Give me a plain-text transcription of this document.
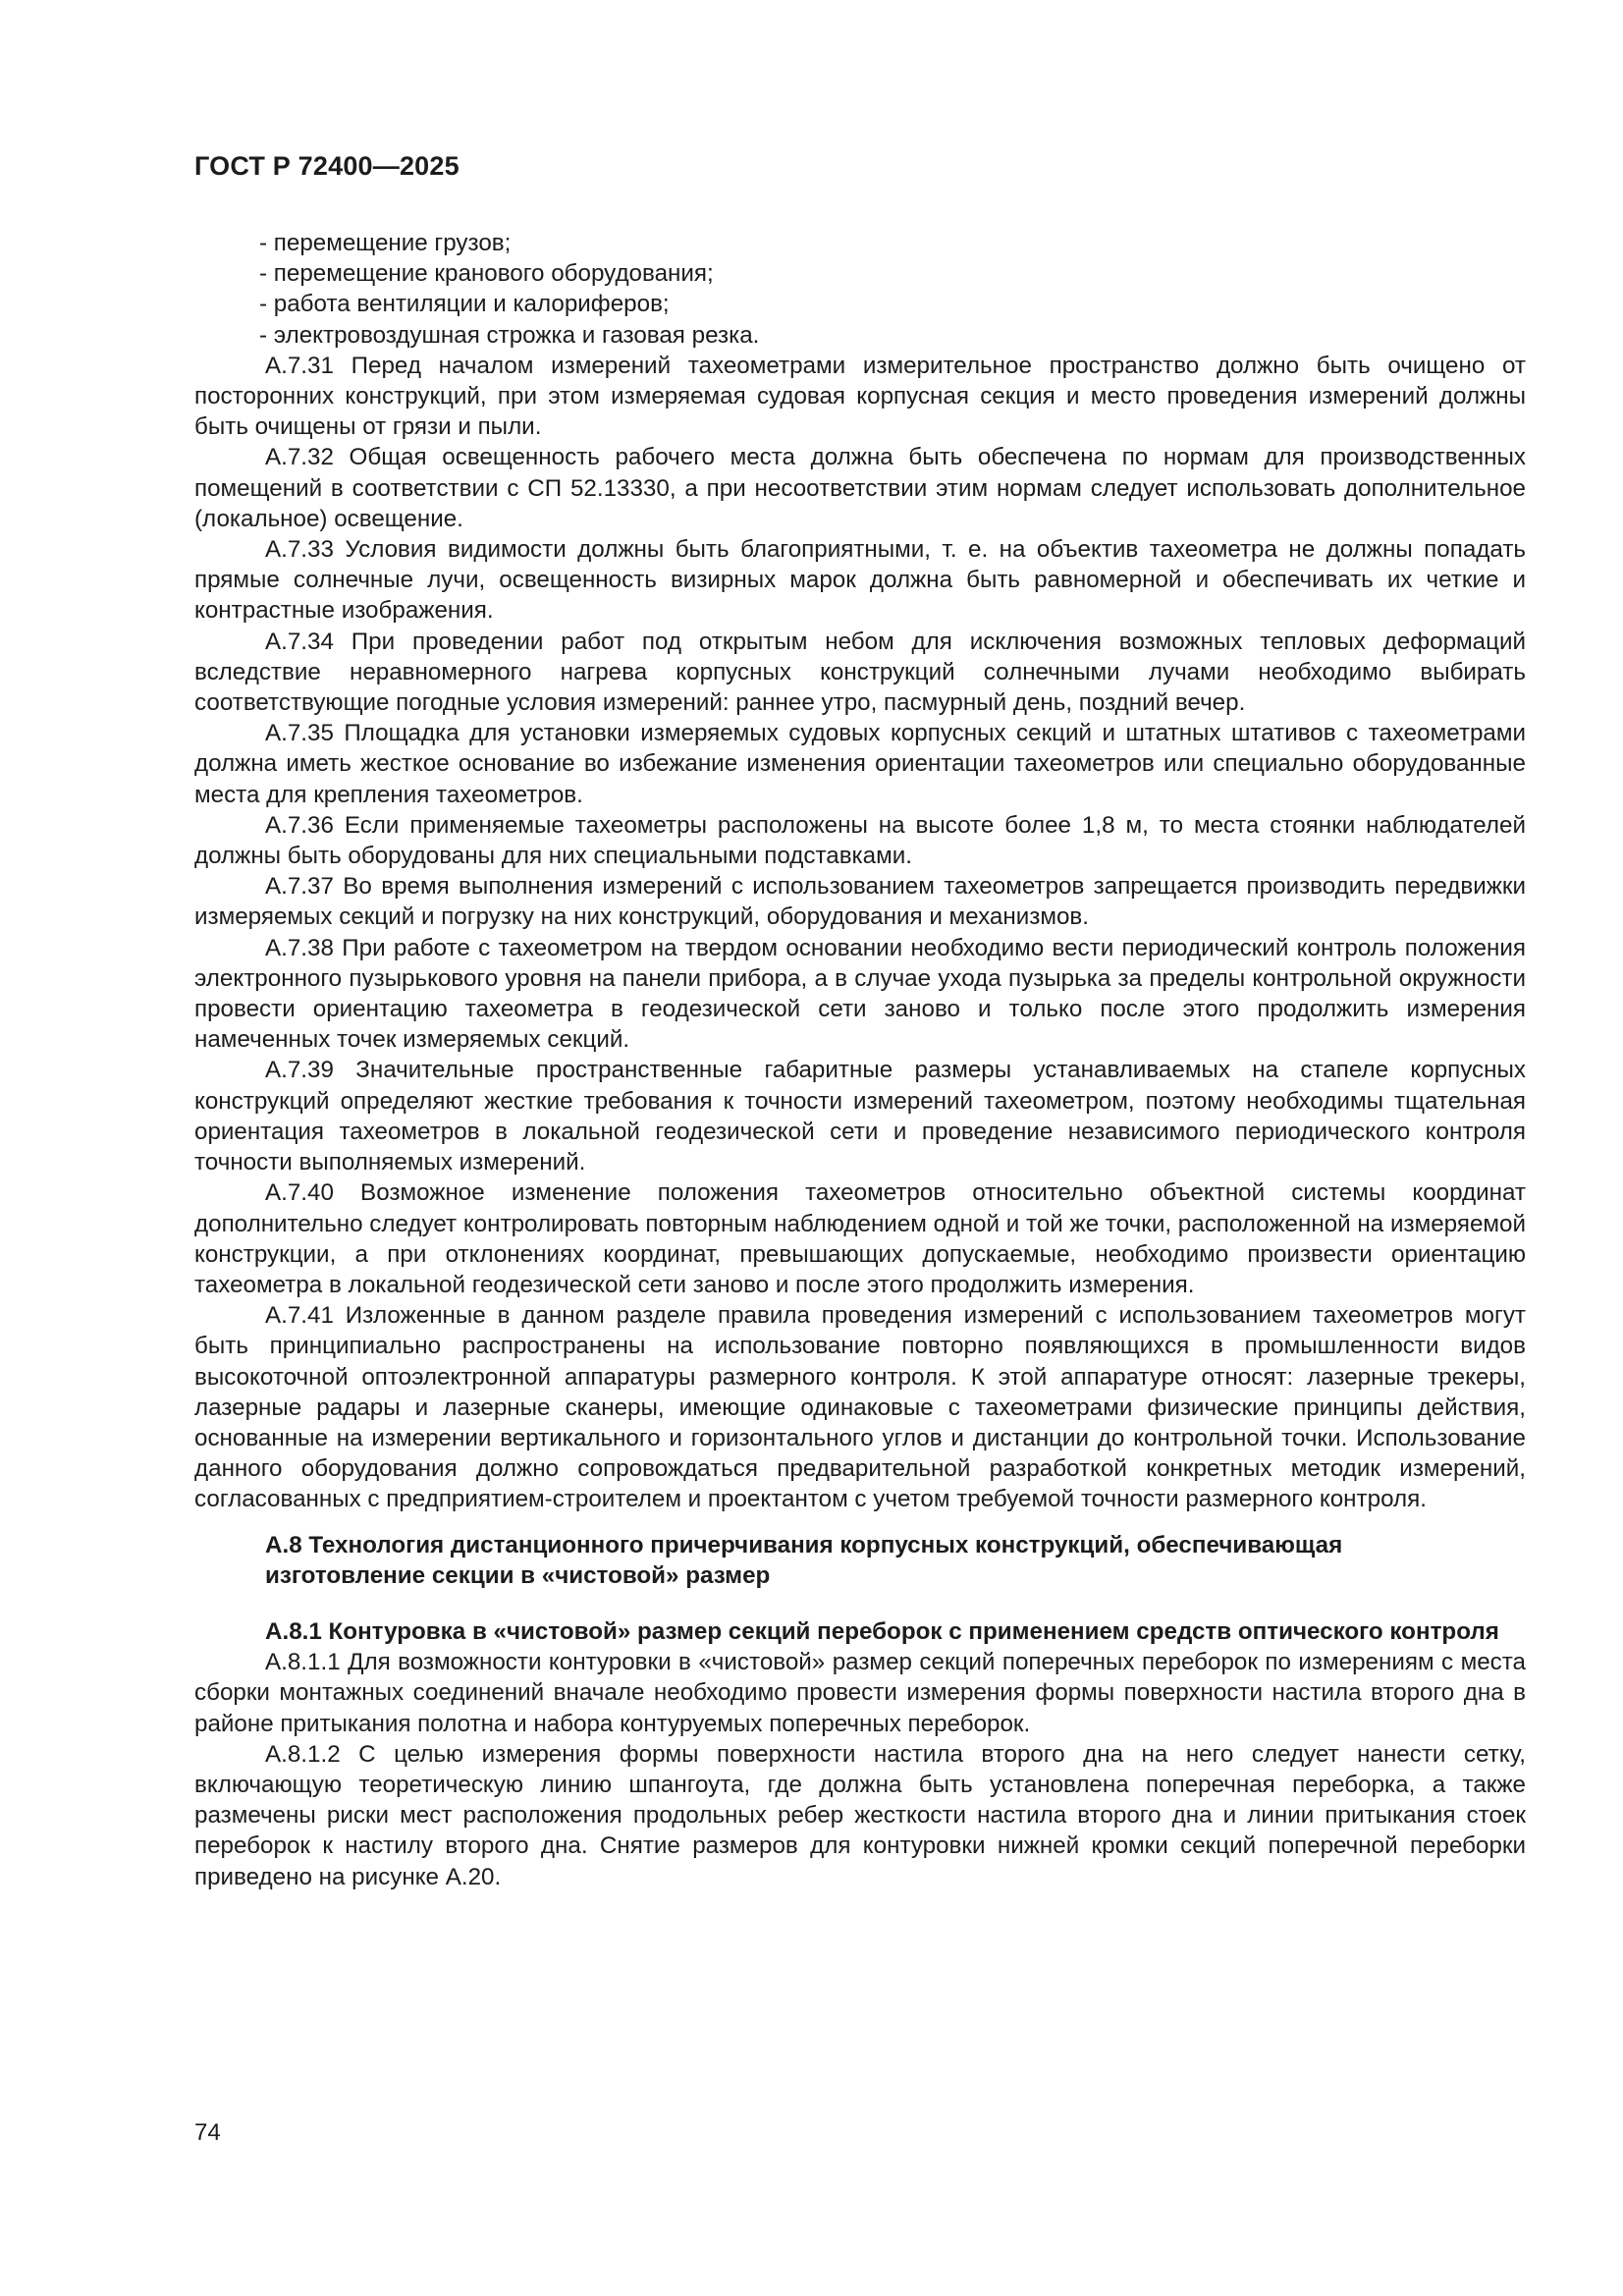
ГОСТ Р 72400—2025

- перемещение грузов;

- перемещение кранового оборудования;

- работа вентиляции и калориферов;

- электровоздушная строжка и газовая резка.

А.7.31 Перед началом измерений тахеометрами измерительное пространство должно быть очищено от посторонних конструкций, при этом измеряемая судовая корпусная секция и место проведения измерений должны быть очищены от грязи и пыли.

А.7.32 Общая освещенность рабочего места должна быть обеспечена по нормам для производственных помещений в соответствии с СП 52.13330, а при несоответствии этим нормам следует использовать дополнительное (локальное) освещение.

А.7.33 Условия видимости должны быть благоприятными, т. е. на объектив тахеометра не должны попадать прямые солнечные лучи, освещенность визирных марок должна быть равномерной и обеспечивать их четкие и контрастные изображения.

А.7.34 При проведении работ под открытым небом для исключения возможных тепловых деформаций вследствие неравномерного нагрева корпусных конструкций солнечными лучами необходимо выбирать соответствующие погодные условия измерений: раннее утро, пасмурный день, поздний вечер.

А.7.35 Площадка для установки измеряемых судовых корпусных секций и штатных штативов с тахеометрами должна иметь жесткое основание во избежание изменения ориентации тахеометров или специально оборудованные места для крепления тахеометров.

А.7.36 Если применяемые тахеометры расположены на высоте более 1,8 м, то места стоянки наблюдателей должны быть оборудованы для них специальными подставками.

А.7.37 Во время выполнения измерений с использованием тахеометров запрещается производить передвижки измеряемых секций и погрузку на них конструкций, оборудования и механизмов.

А.7.38 При работе с тахеометром на твердом основании необходимо вести периодический контроль положения электронного пузырькового уровня на панели прибора, а в случае ухода пузырька за пределы контрольной окружности провести ориентацию тахеометра в геодезической сети заново и только после этого продолжить измерения намеченных точек измеряемых секций.

А.7.39 Значительные пространственные габаритные размеры устанавливаемых на стапеле корпусных конструкций определяют жесткие требования к точности измерений тахеометром, поэтому необходимы тщательная ориентация тахеометров в локальной геодезической сети и проведение независимого периодического контроля точности выполняемых измерений.

А.7.40 Возможное изменение положения тахеометров относительно объектной системы координат дополнительно следует контролировать повторным наблюдением одной и той же точки, расположенной на измеряемой конструкции, а при отклонениях координат, превышающих допускаемые, необходимо произвести ориентацию тахеометра в локальной геодезической сети заново и после этого продолжить измерения.

А.7.41 Изложенные в данном разделе правила проведения измерений с использованием тахеометров могут быть принципиально распространены на использование повторно появляющихся в промышленности видов высокоточной оптоэлектронной аппаратуры размерного контроля. К этой аппаратуре относят: лазерные трекеры, лазерные радары и лазерные сканеры, имеющие одинаковые с тахеометрами физические принципы действия, основанные на измерении вертикального и горизонтального углов и дистанции до контрольной точки. Использование данного оборудования должно сопровождаться предварительной разработкой конкретных методик измерений, согласованных с предприятием-строителем и проектантом с учетом требуемой точности размерного контроля.

А.8 Технология дистанционного причерчивания корпусных конструкций, обеспечивающая изготовление секции в «чистовой» размер

А.8.1 Контуровка в «чистовой» размер секций переборок с применением средств оптического контроля

А.8.1.1 Для возможности контуровки в «чистовой» размер секций поперечных переборок по измерениям с места сборки монтажных соединений вначале необходимо провести измерения формы поверхности настила второго дна в районе притыкания полотна и набора контуруемых поперечных переборок.

А.8.1.2 С целью измерения формы поверхности настила второго дна на него следует нанести сетку, включающую теоретическую линию шпангоута, где должна быть установлена поперечная переборка, а также размечены риски мест расположения продольных ребер жесткости настила второго дна и линии притыкания стоек переборок к настилу второго дна. Снятие размеров для контуровки нижней кромки секций поперечной переборки приведено на рисунке А.20.

74
